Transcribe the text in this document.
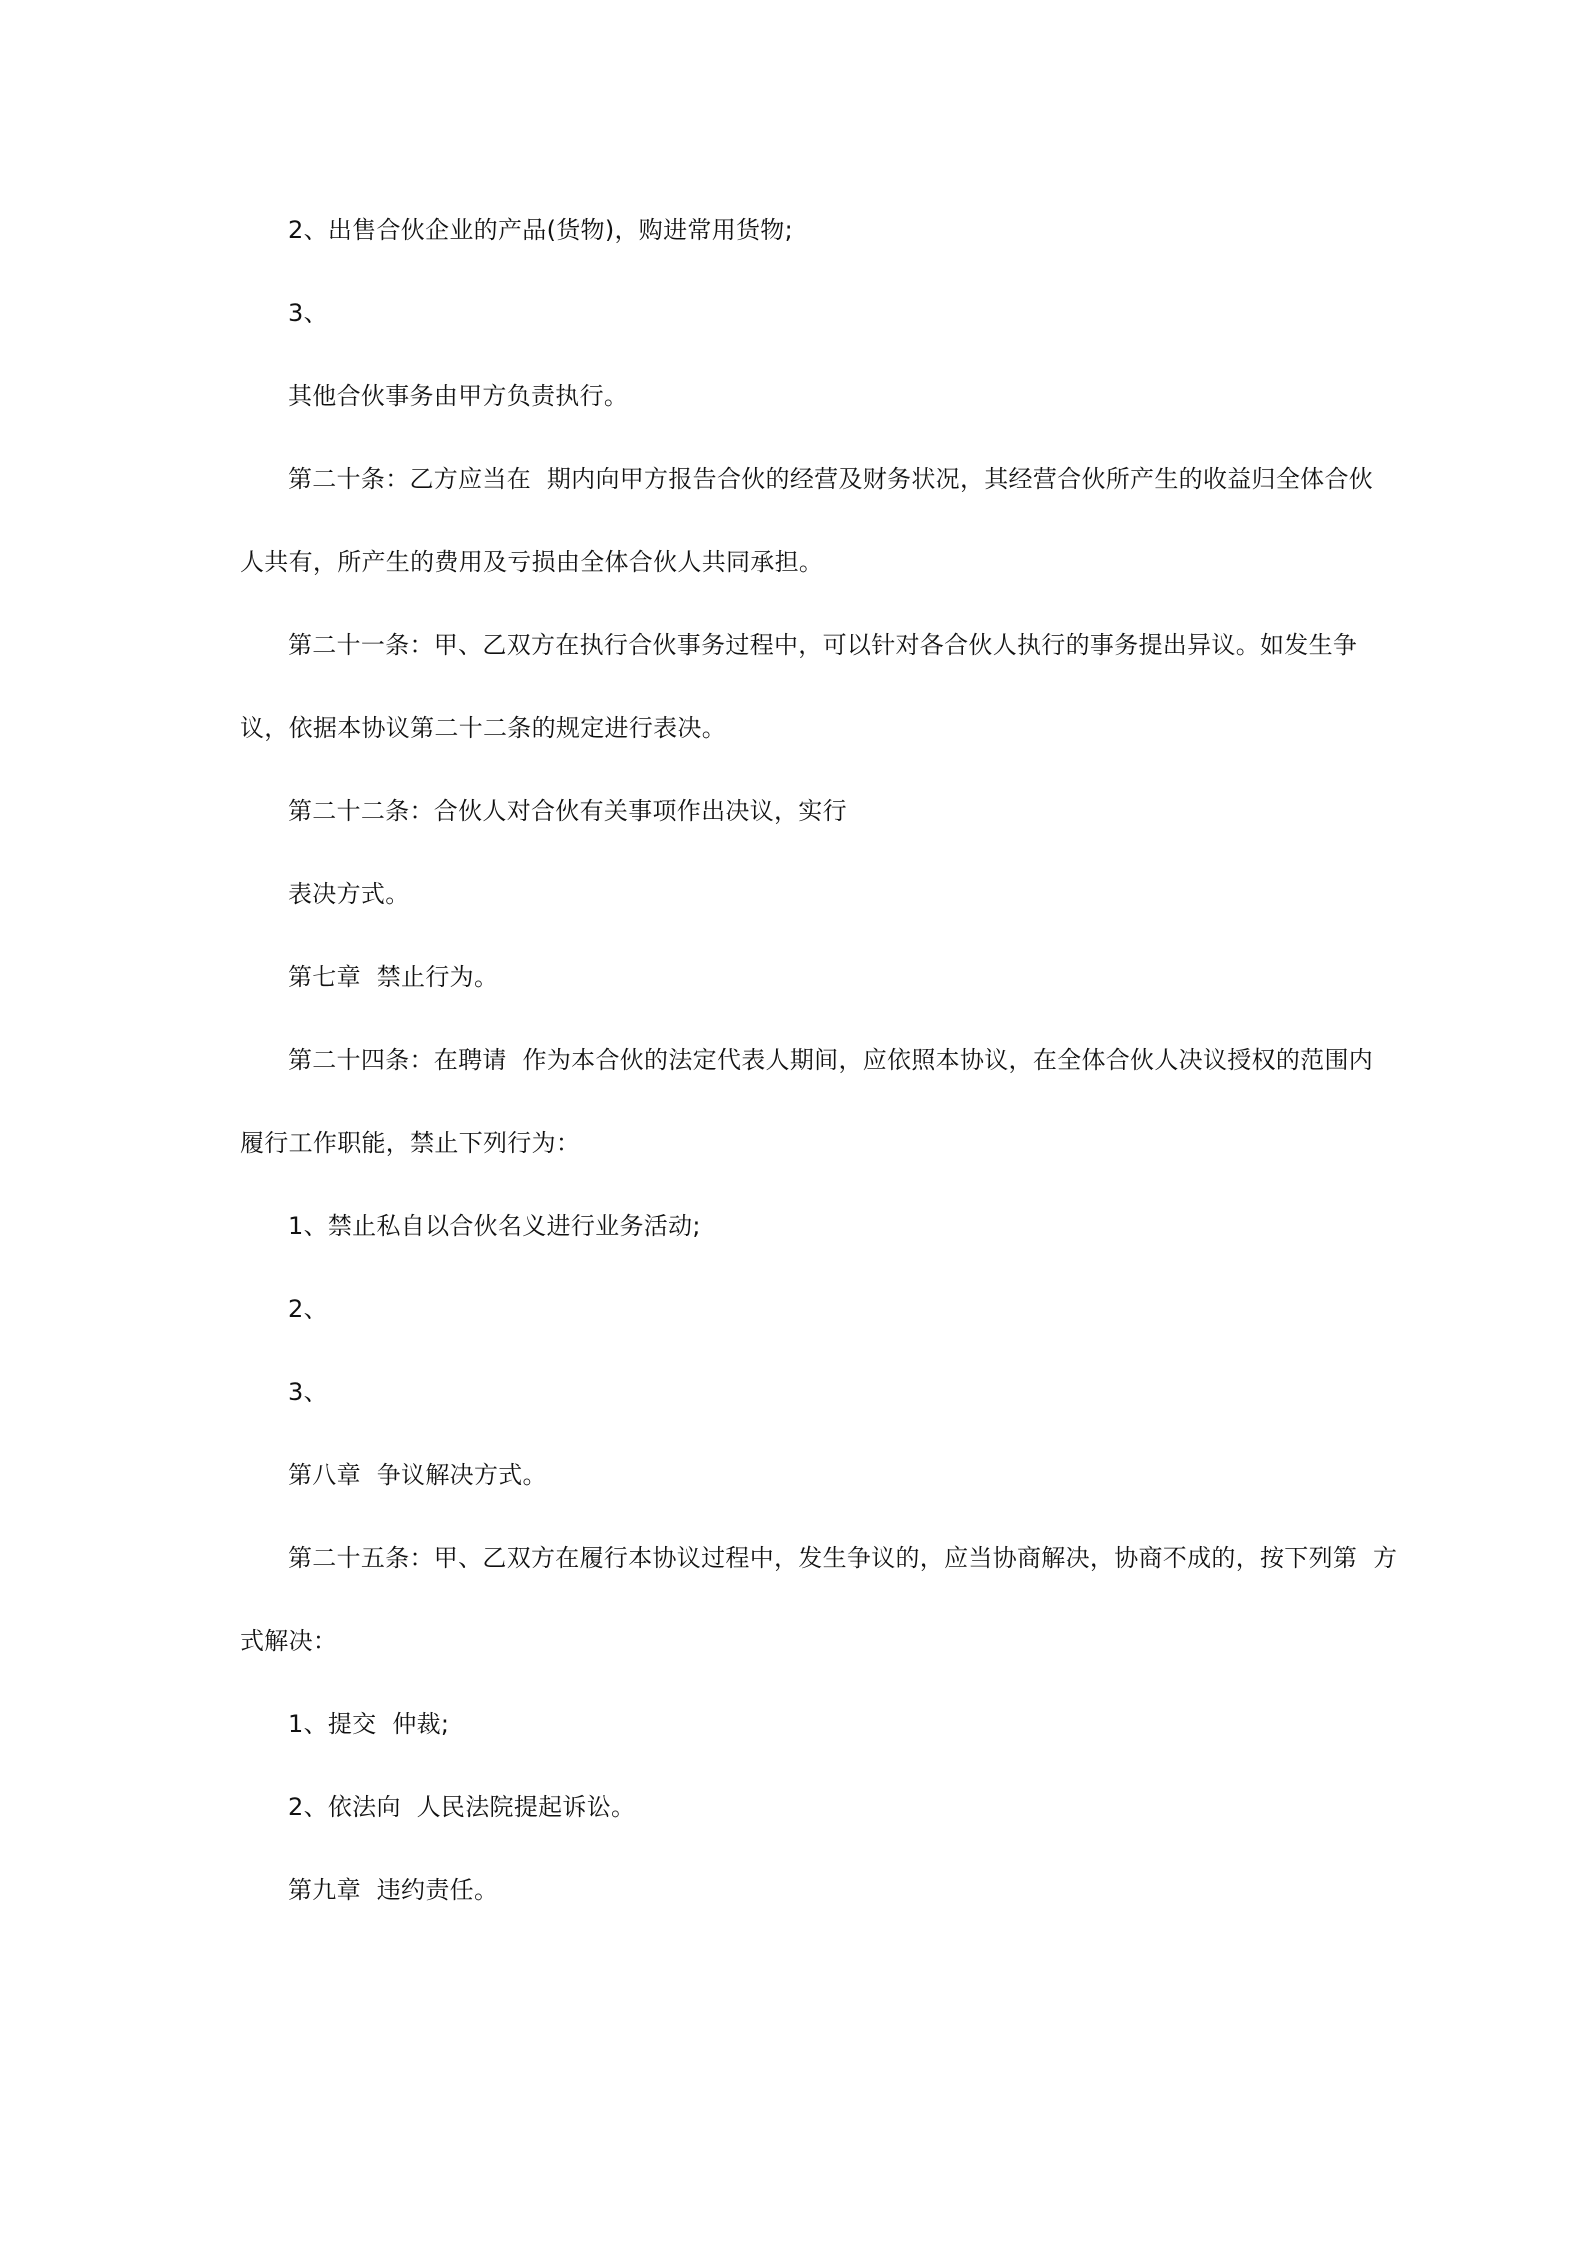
2、出售合伙企业的产品(货物)，购进常用货物;
3、
其他合伙事务由甲方负责执行。
第二十条：乙方应当在  期内向甲方报告合伙的经营及财务状况，其经营合伙所产生的收益归全体合伙
人共有，所产生的费用及亏损由全体合伙人共同承担。
第二十一条：甲、乙双方在执行合伙事务过程中，可以针对各合伙人执行的事务提出异议。如发生争
议，依据本协议第二十二条的规定进行表决。
第二十二条：合伙人对合伙有关事项作出决议，实行
表决方式。
第七章  禁止行为。
第二十四条：在聘请  作为本合伙的法定代表人期间，应依照本协议，在全体合伙人决议授权的范围内
履行工作职能，禁止下列行为：
1、禁止私自以合伙名义进行业务活动;
2、
3、
第八章  争议解决方式。
第二十五条：甲、乙双方在履行本协议过程中，发生争议的，应当协商解决，协商不成的，按下列第  方
式解决：
1、提交  仲裁;
2、依法向  人民法院提起诉讼。
第九章  违约责任。
